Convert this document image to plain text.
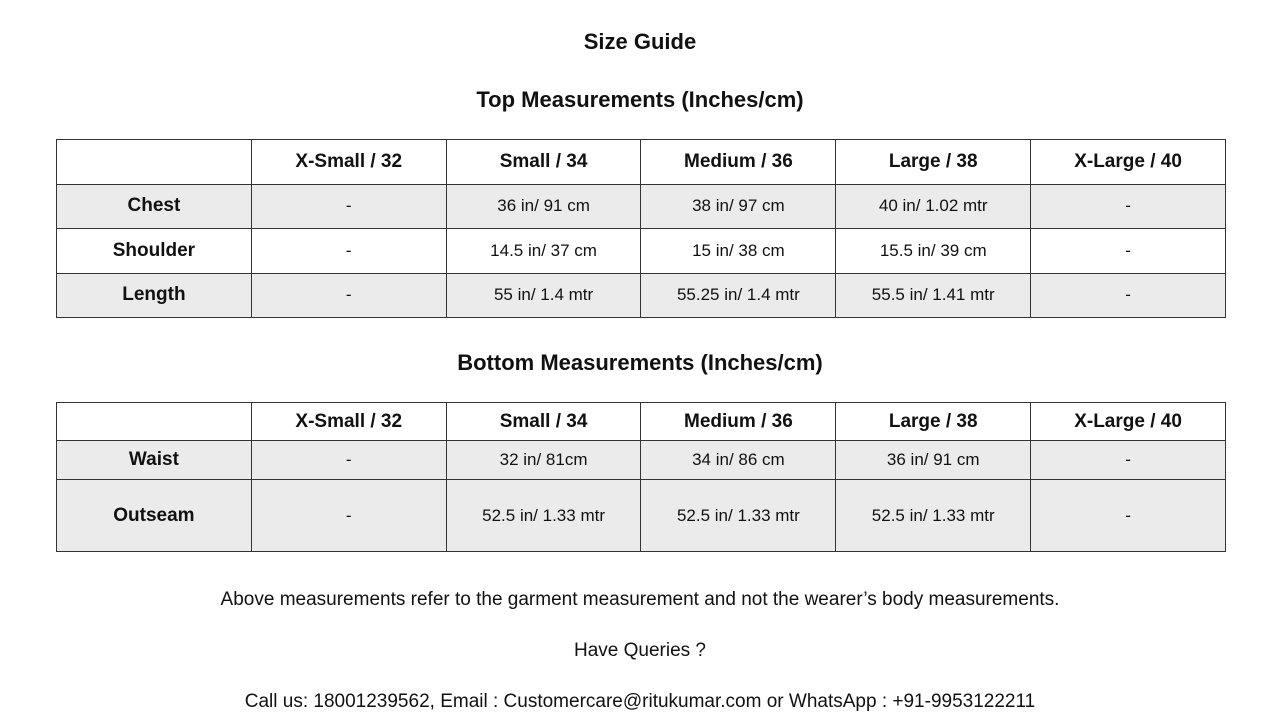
Size Guide
Top Measurements (Inches/cm)
	X-Small / 32	Small / 34	Medium / 36	Large / 38	X-Large / 40
Chest	-	36 in/ 91 cm	38 in/ 97 cm	40 in/ 1.02 mtr	-
Shoulder	-	14.5 in/ 37 cm	15 in/ 38 cm	15.5 in/ 39 cm	-
Length	-	55 in/ 1.4 mtr	55.25 in/ 1.4 mtr	55.5 in/ 1.41 mtr	-
Bottom Measurements (Inches/cm)
	X-Small / 32	Small / 34	Medium / 36	Large / 38	X-Large / 40
Waist	-	32 in/ 81cm	34 in/ 86 cm	36 in/ 91 cm	-
Outseam	-	52.5 in/ 1.33 mtr	52.5 in/ 1.33 mtr	52.5 in/ 1.33 mtr	-

Above measurements refer to the garment measurement and not the wearer’s body measurements.

Have Queries ?

Call us: 18001239562, Email : Customercare@ritukumar.com or WhatsApp : +91-9953122211
